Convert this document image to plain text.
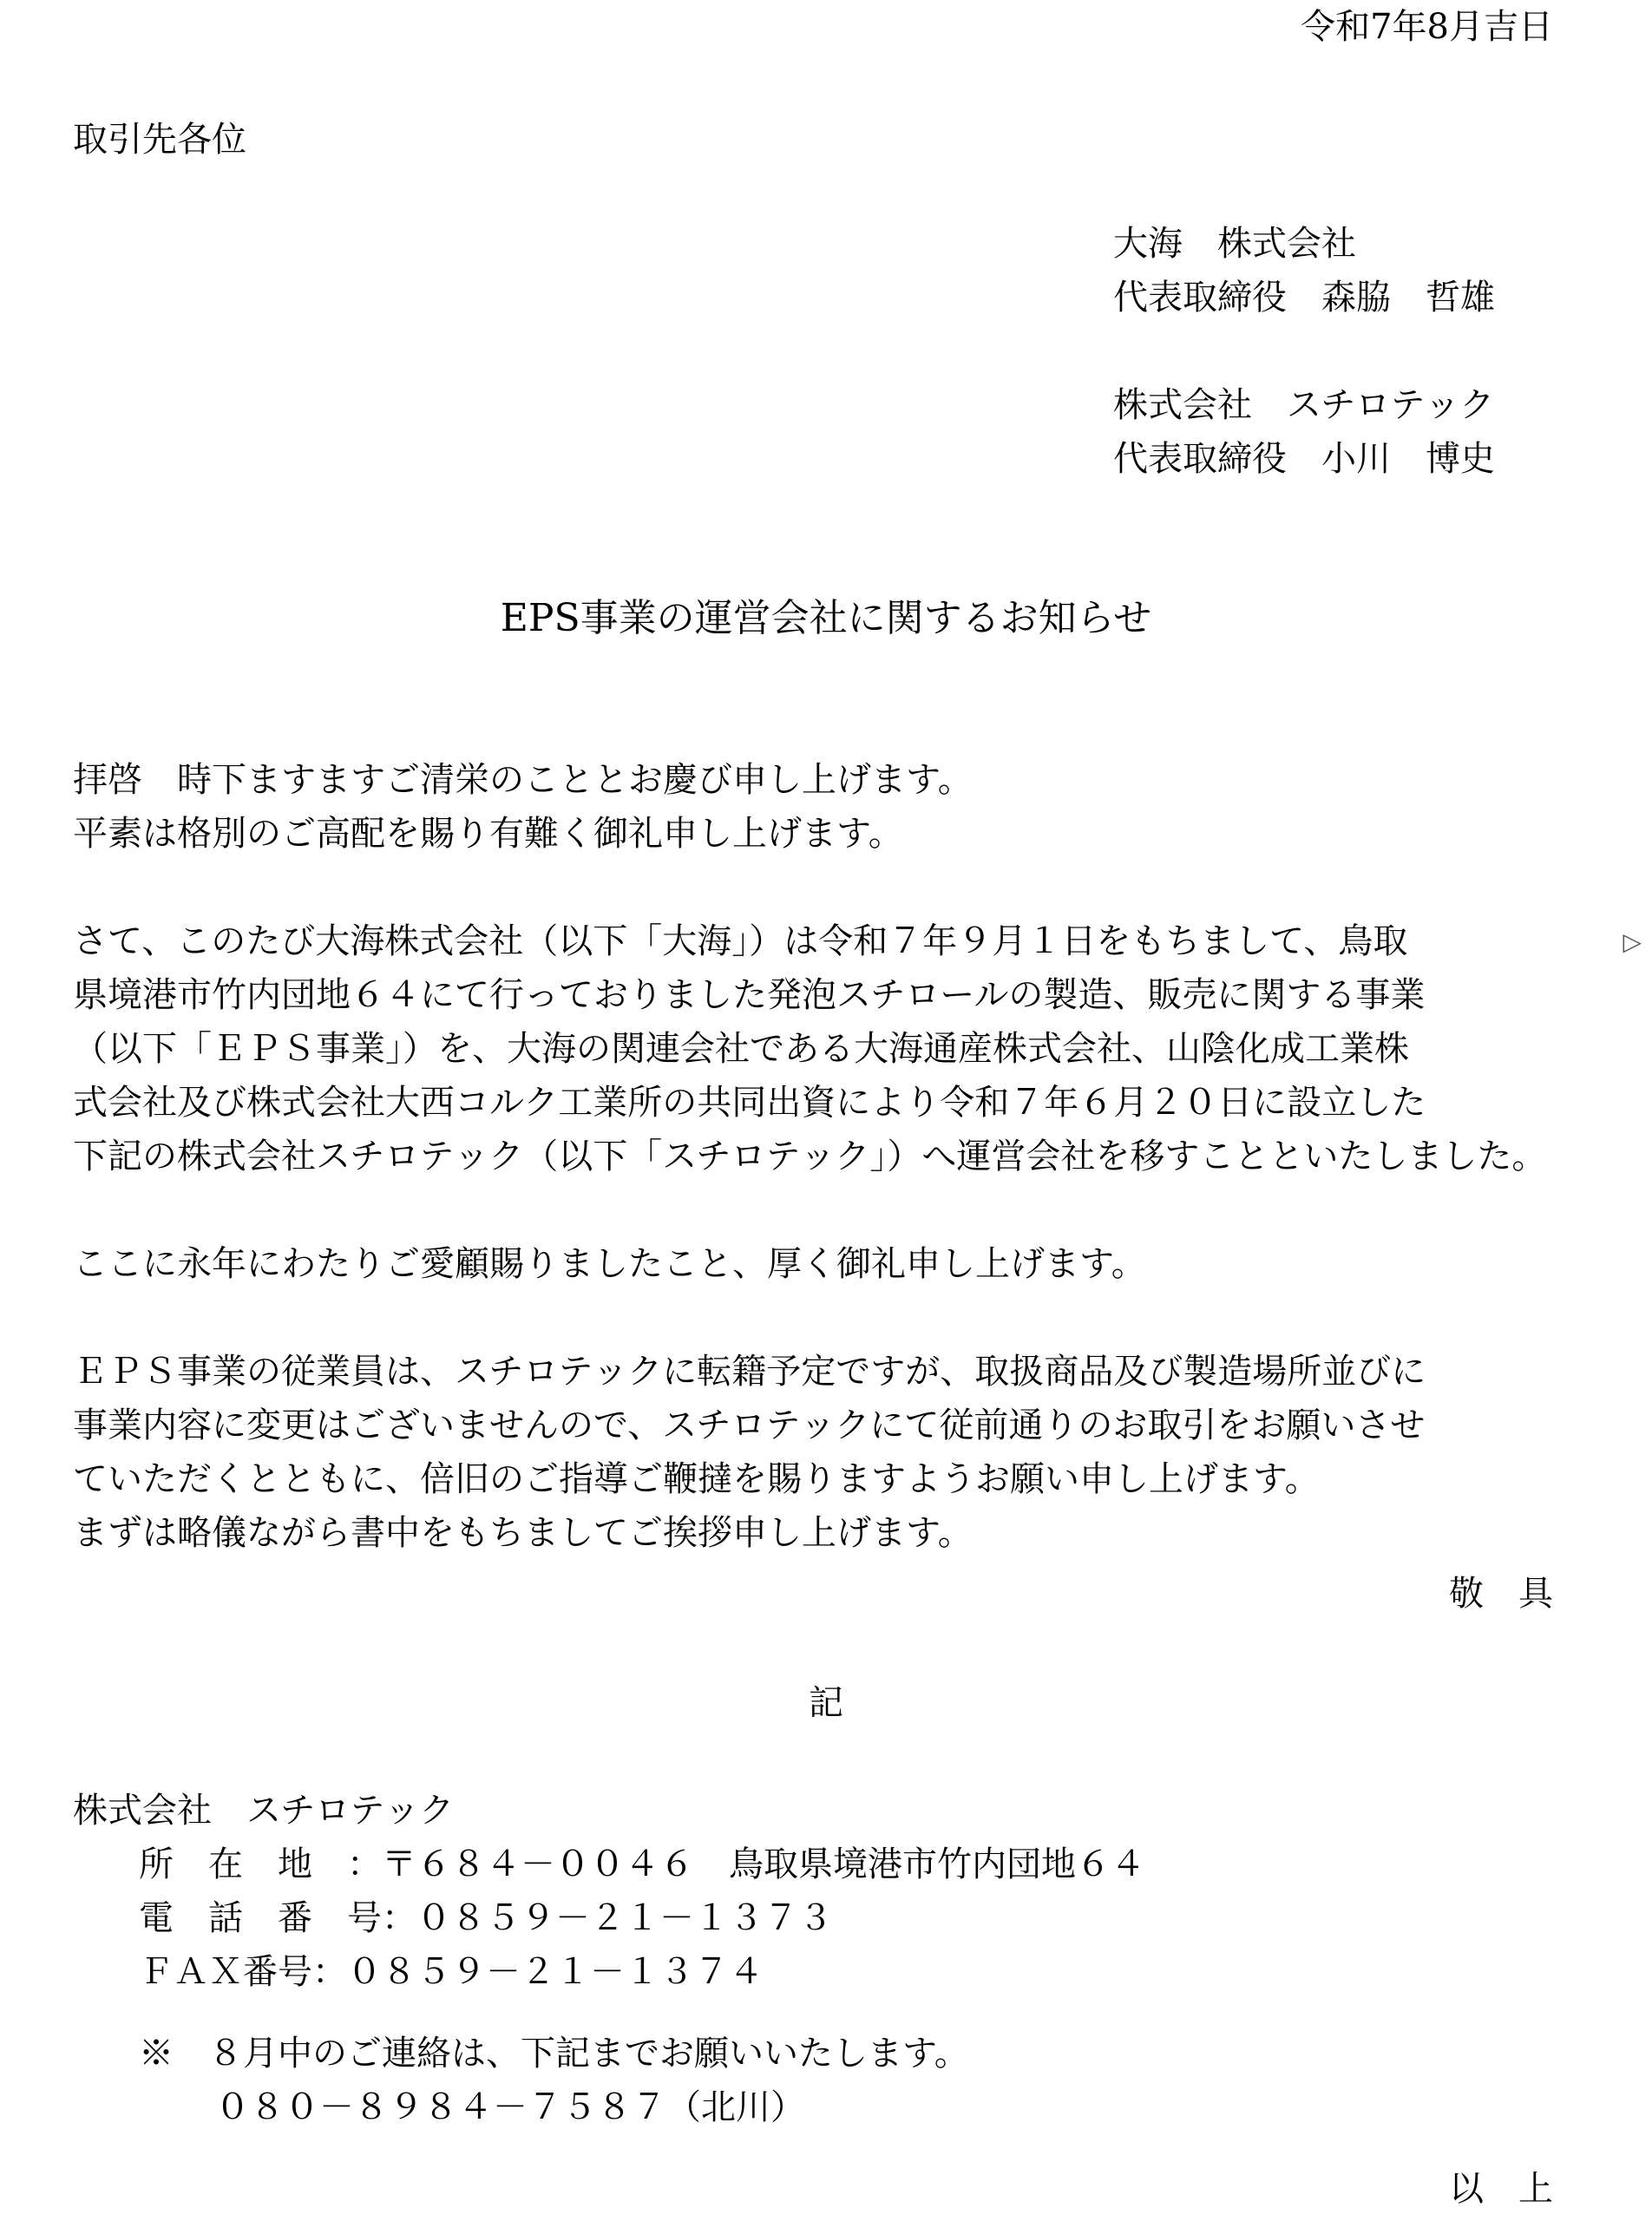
令和7年8月吉日
取引先各位
大海　株式会社
代表取締役　森脇　哲雄
株式会社　スチロテック
代表取締役　小川　博史
EPS事業の運営会社に関するお知らせ
拝啓　時下ますますご清栄のこととお慶び申し上げます。
平素は格別のご高配を賜り有難く御礼申し上げます。
さて、このたび大海株式会社（以下「大海」）は令和７年９月１日をもちまして、鳥取
県境港市竹内団地６４にて行っておりました発泡スチロールの製造、販売に関する事業
（以下「ＥＰＳ事業」）を、大海の関連会社である大海通産株式会社、山陰化成工業株
式会社及び株式会社大西コルク工業所の共同出資により令和７年６月２０日に設立した
下記の株式会社スチロテック（以下「スチロテック」）へ運営会社を移すことといたしました。
▷
ここに永年にわたりご愛顧賜りましたこと、厚く御礼申し上げます。
ＥＰＳ事業の従業員は、スチロテックに転籍予定ですが、取扱商品及び製造場所並びに
事業内容に変更はございませんので、スチロテックにて従前通りのお取引をお願いさせ
ていただくとともに、倍旧のご指導ご鞭撻を賜りますようお願い申し上げます。
まずは略儀ながら書中をもちましてご挨拶申し上げます。
敬　具
記
株式会社　スチロテック
所　在　地　：〒６８４－００４６　鳥取県境港市竹内団地６４
電　話　番　号：０８５９－２１－１３７３
ＦＡＸ番号：０８５９－２１－１３７４
※　８月中のご連絡は、下記までお願いいたします。
０８０－８９８４－７５８７（北川）
以　上
